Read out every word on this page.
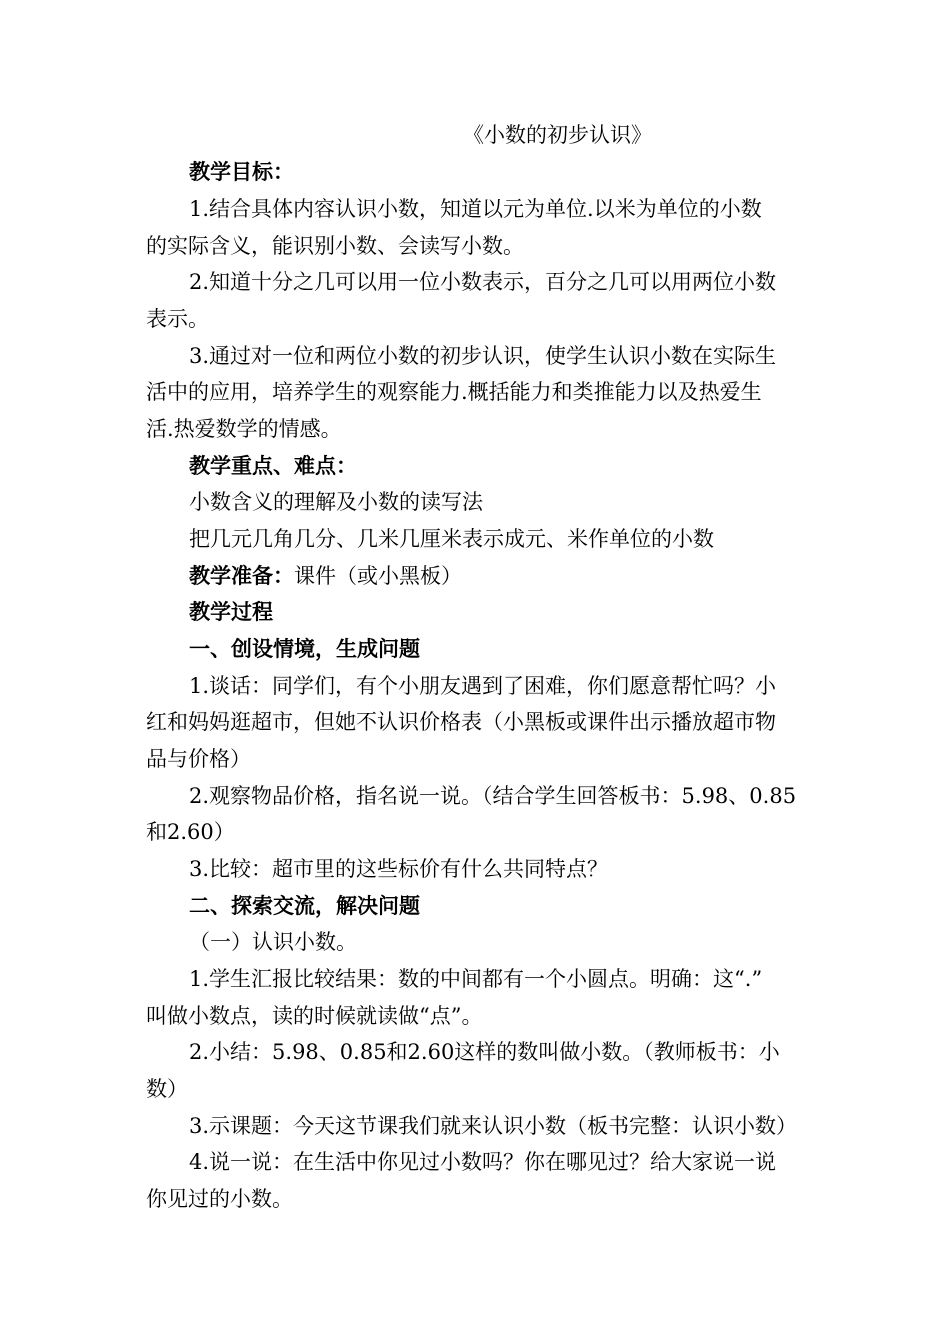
《小数的初步认识》
教学目标：
1.结合具体内容认识小数，知道以元为单位.以米为单位的小数
的实际含义，能识别小数、会读写小数。
2.知道十分之几可以用一位小数表示，百分之几可以用两位小数
表示。
3.通过对一位和两位小数的初步认识，使学生认识小数在实际生
活中的应用，培养学生的观察能力.概括能力和类推能力以及热爱生
活.热爱数学的情感。
教学重点、难点：
小数含义的理解及小数的读写法
把几元几角几分、几米几厘米表示成元、米作单位的小数
教学准备：课件（或小黑板）
教学过程
一、创设情境，生成问题
1.谈话：同学们，有个小朋友遇到了困难，你们愿意帮忙吗？小
红和妈妈逛超市，但她不认识价格表（小黑板或课件出示播放超市物
品与价格）
2.观察物品价格，指名说一说。（结合学生回答板书：5.98、0.85
和2.60）
3.比较：超市里的这些标价有什么共同特点？
二、探索交流，解决问题
（一）认识小数。
1.学生汇报比较结果：数的中间都有一个小圆点。明确：这“.”
叫做小数点，读的时候就读做“点”。
2.小结：5.98、0.85和2.60这样的数叫做小数。（教师板书：小
数）
3.示课题：今天这节课我们就来认识小数（板书完整：认识小数）
4.说一说：在生活中你见过小数吗？你在哪见过？给大家说一说
你见过的小数。
